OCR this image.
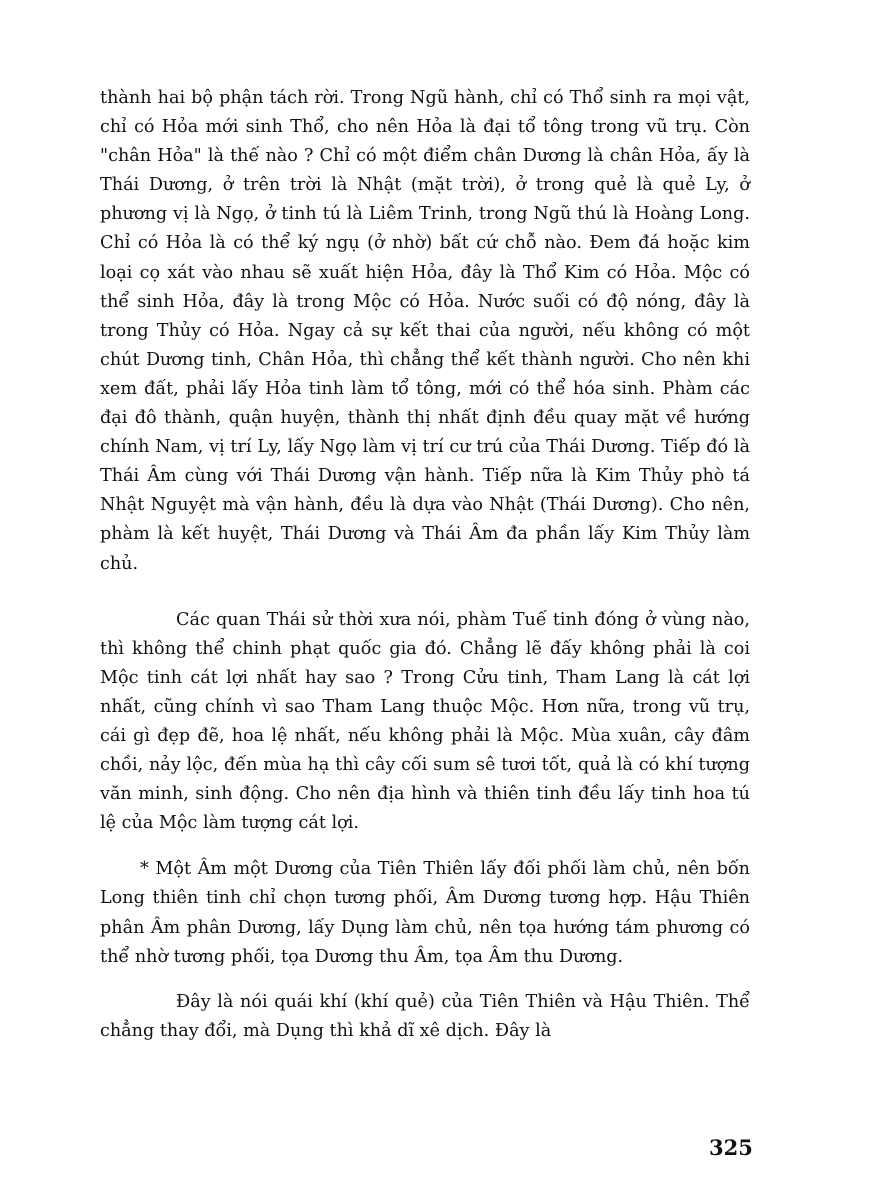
thành hai bộ phận tách rời. Trong Ngũ hành, chỉ có Thổ sinh ra mọi vật, chỉ có Hỏa mới sinh Thổ, cho nên Hỏa là đại tổ tông trong vũ trụ. Còn "chân Hỏa" là thế nào ? Chỉ có một điểm chân Dương là chân Hỏa, ấy là Thái Dương, ở trên trời là Nhật (mặt trời), ở trong quẻ là quẻ Ly, ở phương vị là Ngọ, ở tinh tú là Liêm Trinh, trong Ngũ thú là Hoàng Long. Chỉ có Hỏa là có thể ký ngụ (ở nhờ) bất cứ chỗ nào. Đem đá hoặc kim loại cọ xát vào nhau sẽ xuất hiện Hỏa, đây là Thổ Kim có Hỏa. Mộc có thể sinh Hỏa, đây là trong Mộc có Hỏa. Nước suối có độ nóng, đây là trong Thủy có Hỏa. Ngay cả sự kết thai của người, nếu không có một chút Dương tinh, Chân Hỏa, thì chẳng thể kết thành người. Cho nên khi xem đất, phải lấy Hỏa tinh làm tổ tông, mới có thể hóa sinh. Phàm các đại đô thành, quận huyện, thành thị nhất định đều quay mặt về hướng chính Nam, vị trí Ly, lấy Ngọ làm vị trí cư trú của Thái Dương. Tiếp đó là Thái Âm cùng với Thái Dương vận hành. Tiếp nữa là Kim Thủy phò tá Nhật Nguyệt mà vận hành, đều là dựa vào Nhật (Thái Dương). Cho nên, phàm là kết huyệt, Thái Dương và Thái Âm đa phần lấy Kim Thủy làm chủ.

Các quan Thái sử thời xưa nói, phàm Tuế tinh đóng ở vùng nào, thì không thể chinh phạt quốc gia đó. Chẳng lẽ đấy không phải là coi Mộc tinh cát lợi nhất hay sao ? Trong Cửu tinh, Tham Lang là cát lợi nhất, cũng chính vì sao Tham Lang thuộc Mộc. Hơn nữa, trong vũ trụ, cái gì đẹp đẽ, hoa lệ nhất, nếu không phải là Mộc. Mùa xuân, cây đâm chồi, nảy lộc, đến mùa hạ thì cây cối sum sê tươi tốt, quả là có khí tượng văn minh, sinh động. Cho nên địa hình và thiên tinh đều lấy tinh hoa tú lệ của Mộc làm tượng cát lợi.

* Một Âm một Dương của Tiên Thiên lấy đối phối làm chủ, nên bốn Long thiên tinh chỉ chọn tương phối, Âm Dương tương hợp. Hậu Thiên phân Âm phân Dương, lấy Dụng làm chủ, nên tọa hướng tám phương có thể nhờ tương phối, tọa Dương thu Âm, tọa Âm thu Dương.

Đây là nói quái khí (khí quẻ) của Tiên Thiên và Hậu Thiên. Thể chẳng thay đổi, mà Dụng thì khả dĩ xê dịch. Đây là

325
